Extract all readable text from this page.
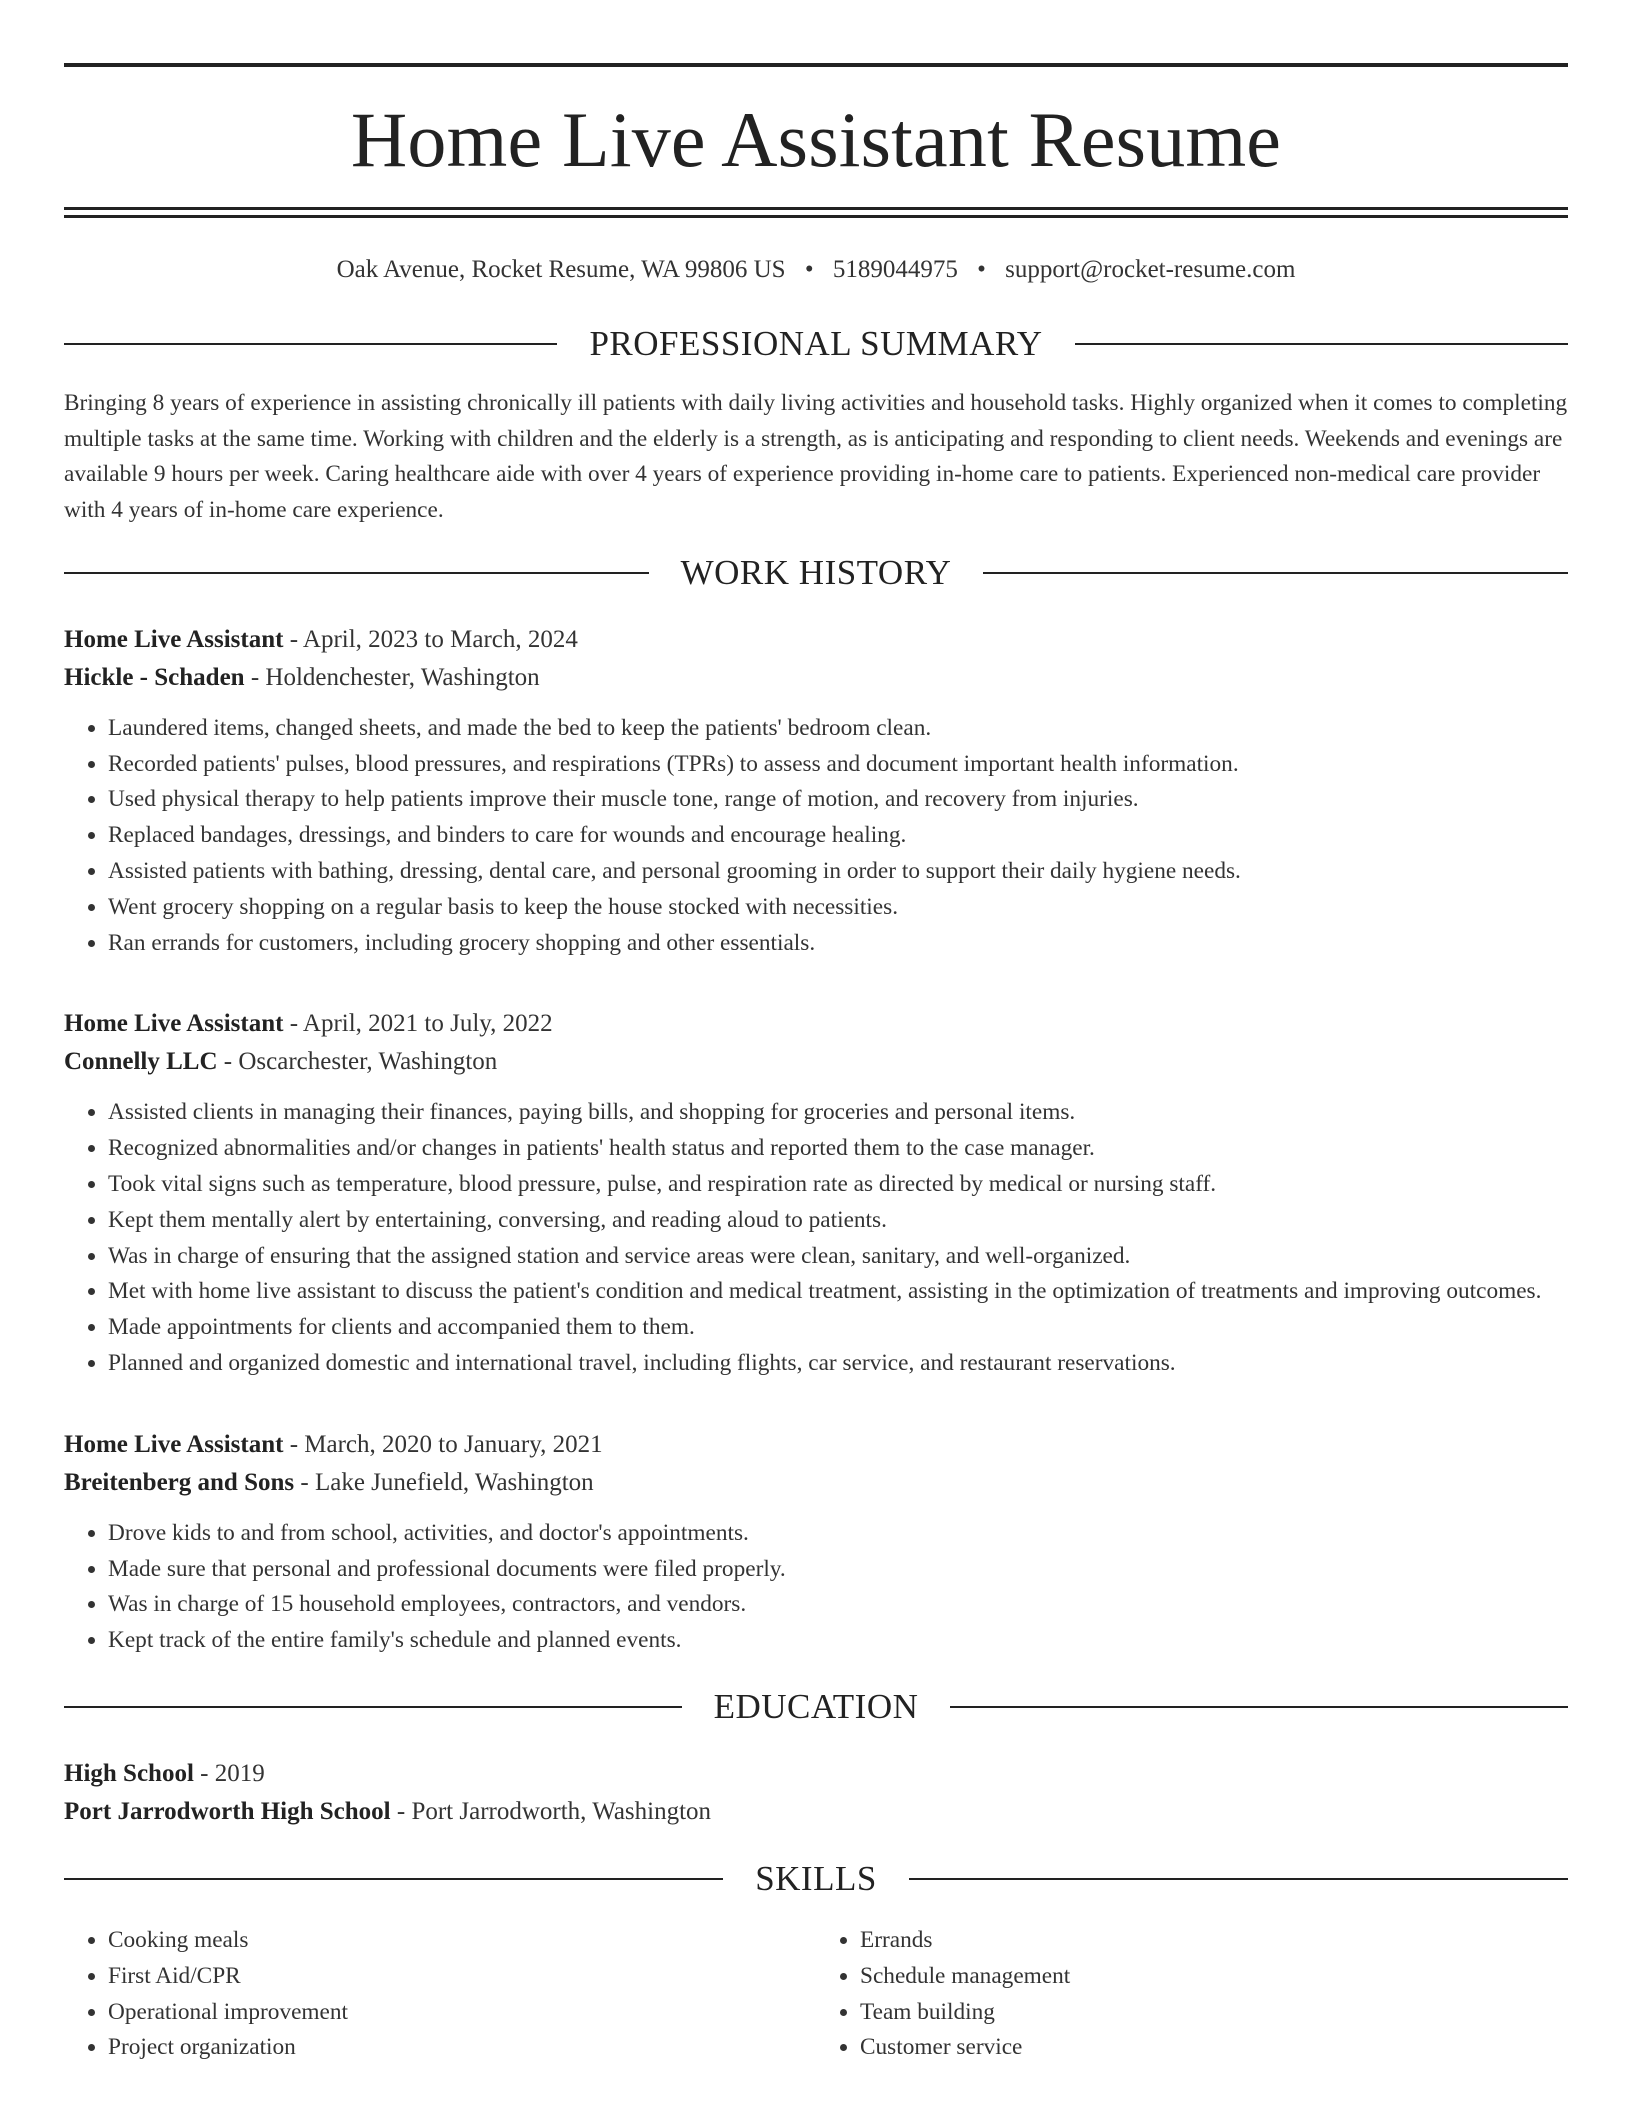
Home Live Assistant Resume
Oak Avenue, Rocket Resume, WA 99806 US • 5189044975 • support@rocket-resume.com
PROFESSIONAL SUMMARY
Bringing 8 years of experience in assisting chronically ill patients with daily living activities and household tasks. Highly organized when it comes to completing multiple tasks at the same time. Working with children and the elderly is a strength, as is anticipating and responding to client needs. Weekends and evenings are available 9 hours per week. Caring healthcare aide with over 4 years of experience providing in-home care to patients. Experienced non-medical care provider with 4 years of in-home care experience.
WORK HISTORY
Home Live Assistant - April, 2023 to March, 2024
Hickle - Schaden - Holdenchester, Washington
• Laundered items, changed sheets, and made the bed to keep the patients' bedroom clean.
• Recorded patients' pulses, blood pressures, and respirations (TPRs) to assess and document important health information.
• Used physical therapy to help patients improve their muscle tone, range of motion, and recovery from injuries.
• Replaced bandages, dressings, and binders to care for wounds and encourage healing.
• Assisted patients with bathing, dressing, dental care, and personal grooming in order to support their daily hygiene needs.
• Went grocery shopping on a regular basis to keep the house stocked with necessities.
• Ran errands for customers, including grocery shopping and other essentials.
Home Live Assistant - April, 2021 to July, 2022
Connelly LLC - Oscarchester, Washington
• Assisted clients in managing their finances, paying bills, and shopping for groceries and personal items.
• Recognized abnormalities and/or changes in patients' health status and reported them to the case manager.
• Took vital signs such as temperature, blood pressure, pulse, and respiration rate as directed by medical or nursing staff.
• Kept them mentally alert by entertaining, conversing, and reading aloud to patients.
• Was in charge of ensuring that the assigned station and service areas were clean, sanitary, and well-organized.
• Met with home live assistant to discuss the patient's condition and medical treatment, assisting in the optimization of treatments and improving outcomes.
• Made appointments for clients and accompanied them to them.
• Planned and organized domestic and international travel, including flights, car service, and restaurant reservations.
Home Live Assistant - March, 2020 to January, 2021
Breitenberg and Sons - Lake Junefield, Washington
• Drove kids to and from school, activities, and doctor's appointments.
• Made sure that personal and professional documents were filed properly.
• Was in charge of 15 household employees, contractors, and vendors.
• Kept track of the entire family's schedule and planned events.
EDUCATION
High School - 2019
Port Jarrodworth High School - Port Jarrodworth, Washington
SKILLS
• Cooking meals
• First Aid/CPR
• Operational improvement
• Project organization
• Errands
• Schedule management
• Team building
• Customer service
